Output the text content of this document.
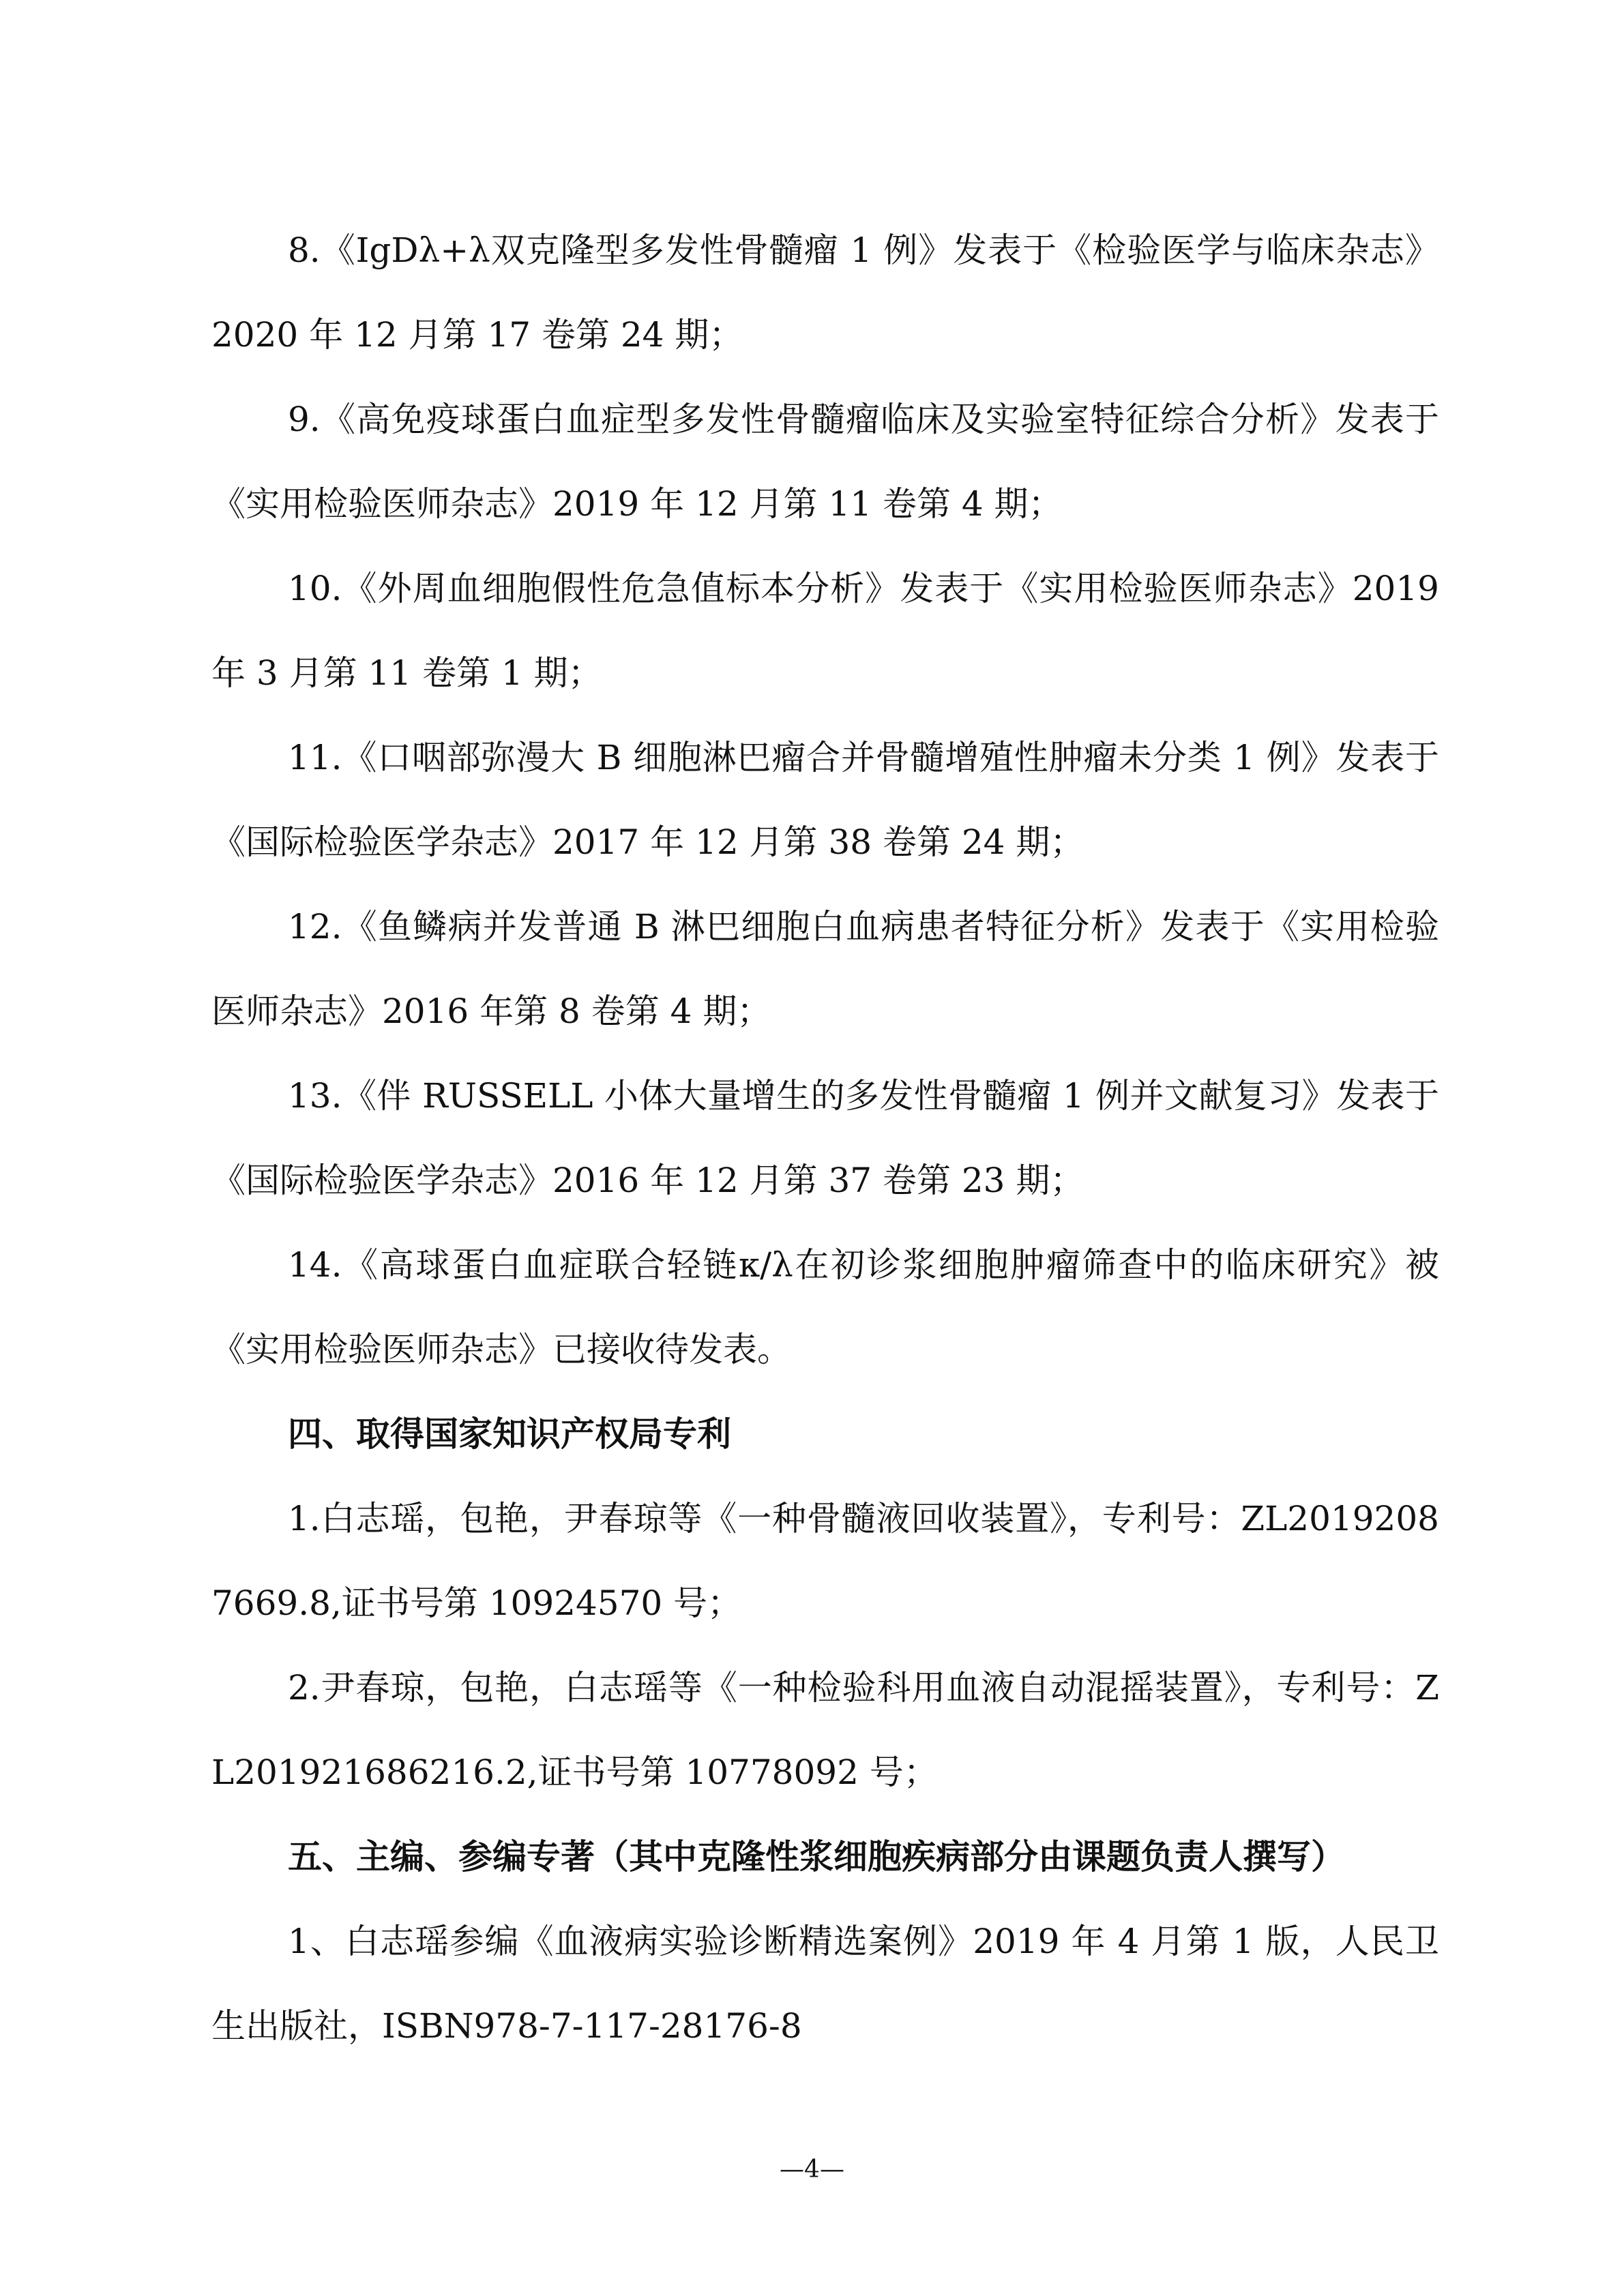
8.《IgDλ+λ双克隆型多发性骨髓瘤 1 例》发表于《检验医学与临床杂志》2020 年 12 月第 17 卷第 24 期；

9.《高免疫球蛋白血症型多发性骨髓瘤临床及实验室特征综合分析》发表于《实用检验医师杂志》2019 年 12 月第 11 卷第 4 期；

10.《外周血细胞假性危急值标本分析》发表于《实用检验医师杂志》2019 年 3 月第 11 卷第 1 期；

11.《口咽部弥漫大 B 细胞淋巴瘤合并骨髓增殖性肿瘤未分类 1 例》发表于《国际检验医学杂志》2017 年 12 月第 38 卷第 24 期；

12.《鱼鳞病并发普通 B 淋巴细胞白血病患者特征分析》发表于《实用检验医师杂志》2016 年第 8 卷第 4 期；

13.《伴 RUSSELL 小体大量增生的多发性骨髓瘤 1 例并文献复习》发表于《国际检验医学杂志》2016 年 12 月第 37 卷第 23 期；

14.《高球蛋白血症联合轻链κ/λ在初诊浆细胞肿瘤筛查中的临床研究》被《实用检验医师杂志》已接收待发表。

四、取得国家知识产权局专利

1.白志瑶，包艳，尹春琼等《一种骨髓液回收装置》，专利号：ZL20192087669.8,证书号第 10924570 号；

2.尹春琼，包艳，白志瑶等《一种检验科用血液自动混摇装置》，专利号：ZL201921686216.2,证书号第 10778092 号；

五、主编、参编专著（其中克隆性浆细胞疾病部分由课题负责人撰写）

1、白志瑶参编《血液病实验诊断精选案例》2019 年 4 月第 1 版，人民卫生出版社，ISBN978-7-117-28176-8

—4—
